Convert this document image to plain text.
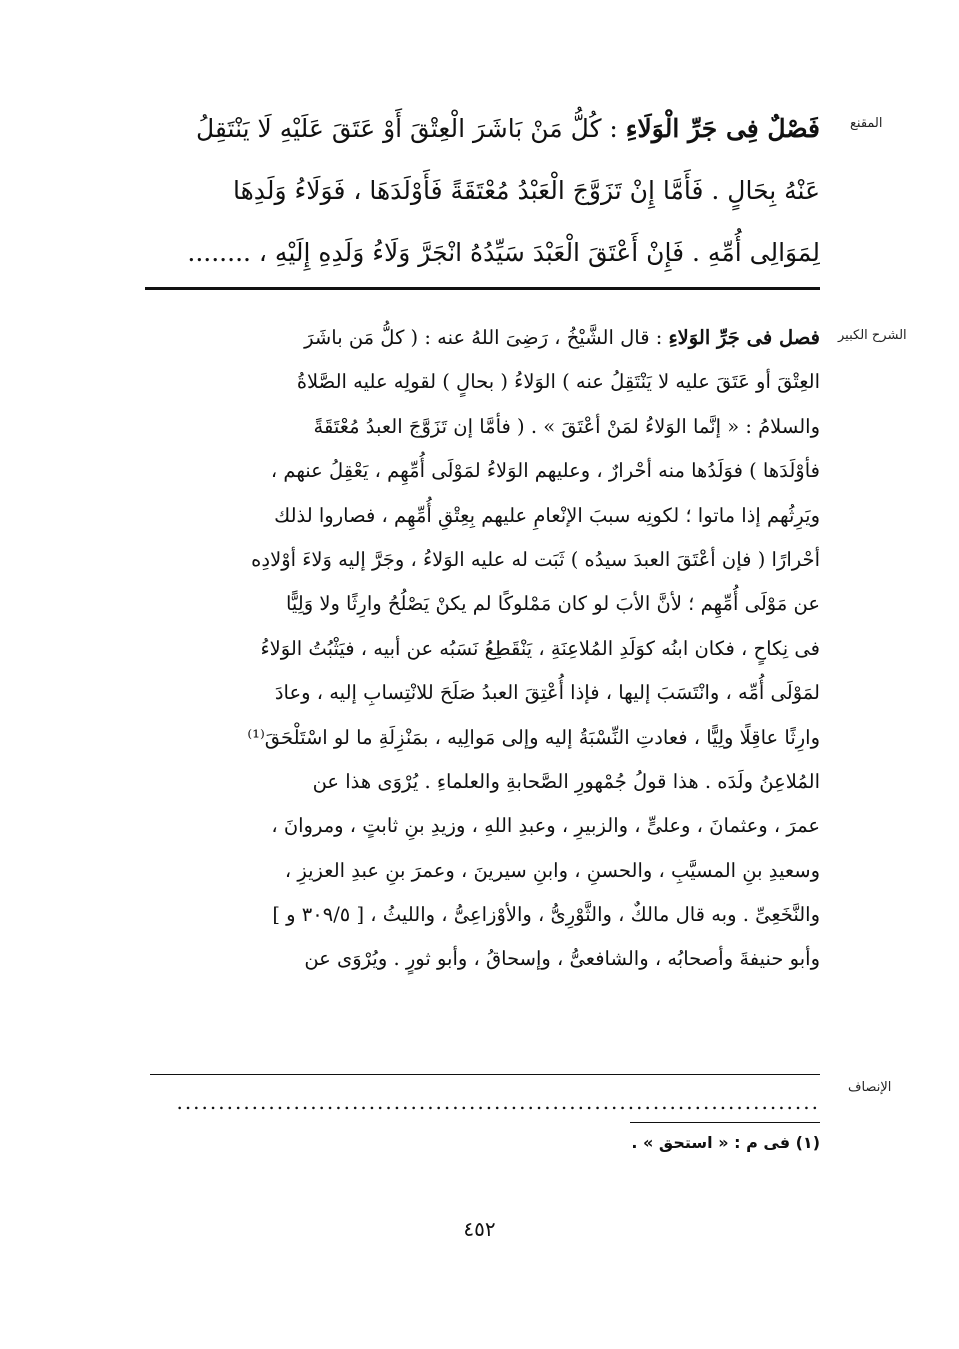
المقنع
فَصْلٌ فِى جَرِّ الْوَلَاءِ : كُلُّ مَنْ بَاشَرَ الْعِتْقَ أَوْ عَتَقَ عَلَيْهِ لَا يَنْتَقِلُ
عَنْهُ بِحَالٍ . فَأَمَّا إِنْ تَزَوَّجَ الْعَبْدُ مُعْتَقَةً فَأَوْلَدَهَا ، فَوَلَاءُ وَلَدِهَا
لِمَوَالِى أُمِّهِ . فَإِنْ أَعْتَقَ الْعَبْدَ سَيِّدُهُ انْجَرَّ وَلَاءُ وَلَدِهِ إِلَيْهِ ، ........
الشرح الكبير
فصل فى جَرِّ الوَلاءِ : قال الشَّيْخُ ، رَضِىَ اللهُ عنه : ( كلُّ مَن باشَرَ
العِتْقَ أو عَتَقَ عليه لا يَنْتَقِلُ عنه ) الوَلاءُ ( بحالٍ ) لقولِه عليه الصَّلاةُ
والسلامُ : « إنَّما الوَلاءُ لمَنْ أعْتَقَ » . ( فأمَّا إن تَزَوَّجَ العبدُ مُعْتَقَةً
فأوْلَدَها ) فوَلَدُها منه أحْرارٌ ، وعليهم الوَلاءُ لمَوْلَى أُمِّهِم ، يَعْقِلُ عنهم ،
ويَرِثُهم إذا ماتوا ؛ لكونِه سببَ الإنْعامِ عليهم بِعِتْقِ أُمِّهِم ، فصاروا لذلك
أحْرارًا ( فإن أعْتَقَ العبدَ سيدُه ) ثَبَت له عليه الوَلاءُ ، وجَرَّ إليه وَلاءَ أوْلادِه
عن مَوْلَى أُمِّهِم ؛ لأنَّ الأبَ لو كان مَمْلوكًا لم يكنْ يَصْلُحُ وارِثًا ولا وَلِيًّا
فى نِكاحٍ ، فكان ابنُه كوَلَدِ المُلاعِنَةِ ، يَنْقَطِعُ نَسَبُه عن أبيه ، فيَثْبُتُ الوَلاءُ
لمَوْلَى أُمِّه ، وانْتَسَبَ إليها ، فإذا أُعْتِقَ العبدُ صَلَحَ للانْتِسابِ إليه ، وعادَ
وارِثًا عاقِلًا ولِيًّا ، فعادتِ النِّسْبَةُ إليه وإلى مَوالِيه ، بمَنْزِلَةِ ما لو اسْتَلْحَقَ⁽¹⁾
المُلاعِنُ ولَدَه . هذا قولُ جُمْهورِ الصَّحابةِ والعلماءِ . يُرْوَى هذا عن
عمرَ ، وعثمانَ ، وعلىٍّ ، والزبيرِ ، وعبدِ اللهِ ، وزيدِ بنِ ثابتٍ ، ومروانَ ،
وسعيدِ بنِ المسيَّبِ ، والحسنِ ، وابنِ سيرينَ ، وعمرَ بنِ عبدِ العزيزِ ،
والنَّخَعِىِّ . وبه قال مالكٌ ، والثَّوْرِىُّ ، والأوْزاعِىُّ ، والليثُ ، [ ٣٠٩/٥ و ]
وأبو حنيفةَ وأصحابُه ، والشافعىُّ ، وإسحاقُ ، وأبو ثورٍ . ويُرْوَى عن
الإنصاف
.............................................................................
(١) فى م : « استحق » .
٤٥٢
